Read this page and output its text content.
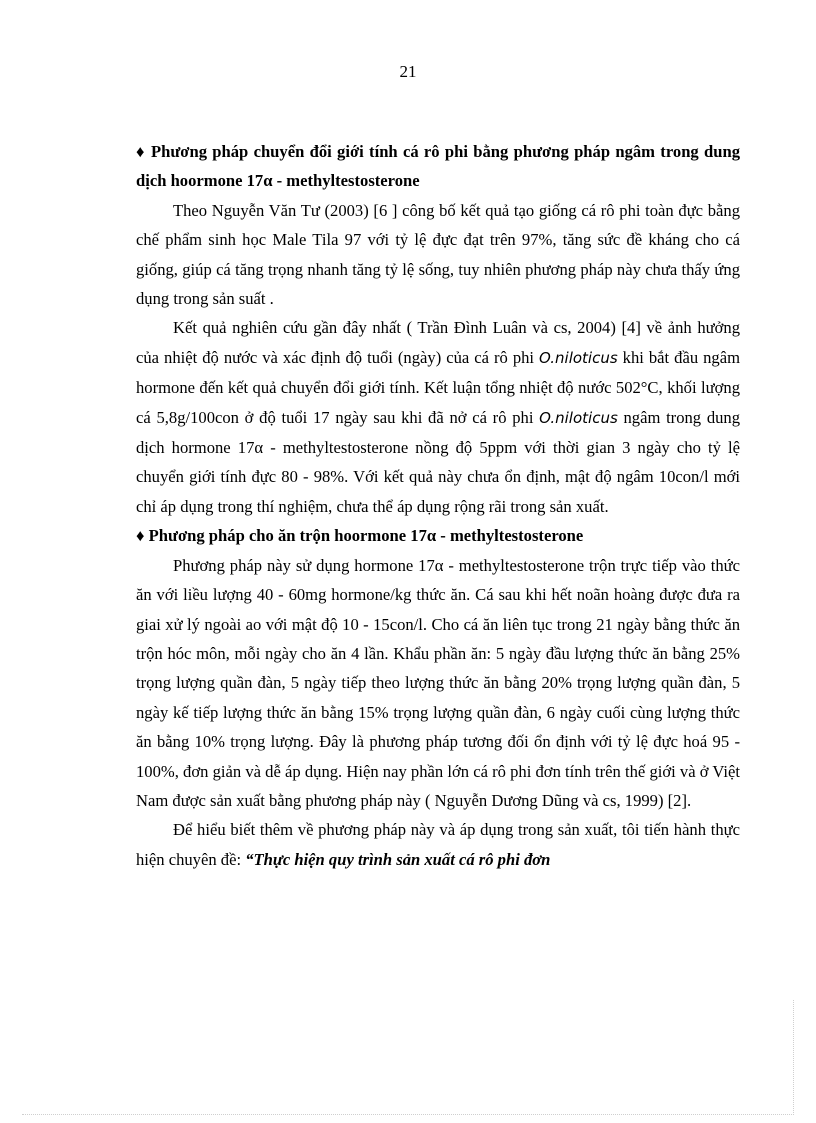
21

♦ Phương pháp chuyển đổi giới tính cá rô phi bằng phương pháp ngâm trong dung dịch hoormone 17α - methyltestosterone

Theo Nguyễn Văn Tư (2003) [6 ] công bố kết quả tạo giống cá rô phi toàn đực bằng chế phẩm sinh học Male Tila 97 với tỷ lệ đực đạt trên 97%, tăng sức đề kháng cho cá giống, giúp cá tăng trọng nhanh tăng tỷ lệ sống, tuy nhiên phương pháp này chưa thấy ứng dụng trong sản suất .

Kết quả nghiên cứu gần đây nhất ( Trần Đình Luân và cs, 2004) [4] về ảnh hưởng của nhiệt độ nước và xác định độ tuổi (ngày) của cá rô phi O.niloticus khi bắt đầu ngâm hormone đến kết quả chuyển đổi giới tính. Kết luận tổng nhiệt độ nước 502°C, khối lượng cá 5,8g/100con ở độ tuổi 17 ngày sau khi đã nở cá rô phi O.niloticus ngâm trong dung dịch hormone 17α - methyltestosterone nồng độ 5ppm với thời gian 3 ngày cho tỷ lệ chuyển giới tính đực 80 - 98%. Với kết quả này chưa ổn định, mật độ ngâm 10con/l mới chỉ áp dụng trong thí nghiệm, chưa thể áp dụng rộng rãi trong sản xuất.

♦ Phương pháp cho ăn trộn hoormone 17α - methyltestosterone

Phương pháp này sử dụng hormone 17α - methyltestosterone trộn trực tiếp vào thức ăn với liều lượng 40 - 60mg hormone/kg thức ăn. Cá sau khi hết noãn hoàng được đưa ra giai xử lý ngoài ao với mật độ 10 - 15con/l. Cho cá ăn liên tục trong 21 ngày bằng thức ăn trộn hóc môn, mỗi ngày cho ăn 4 lần. Khẩu phần ăn: 5 ngày đầu lượng thức ăn bằng 25% trọng lượng quần đàn, 5 ngày tiếp theo lượng thức ăn bằng 20% trọng lượng quần đàn, 5 ngày kế tiếp lượng thức ăn bằng 15% trọng lượng quần đàn, 6 ngày cuối cùng lượng thức ăn bằng 10% trọng lượng. Đây là phương pháp tương đối ổn định với tỷ lệ đực hoá 95 - 100%, đơn giản và dễ áp dụng. Hiện nay phần lớn cá rô phi đơn tính trên thế giới và ở Việt Nam được sản xuất bằng phương pháp này ( Nguyễn Dương Dũng và cs, 1999) [2].

Để hiểu biết thêm về phương pháp này và áp dụng trong sản xuất, tôi tiến hành thực hiện chuyên đề: “Thực hiện quy trình sản xuất cá rô phi đơn
